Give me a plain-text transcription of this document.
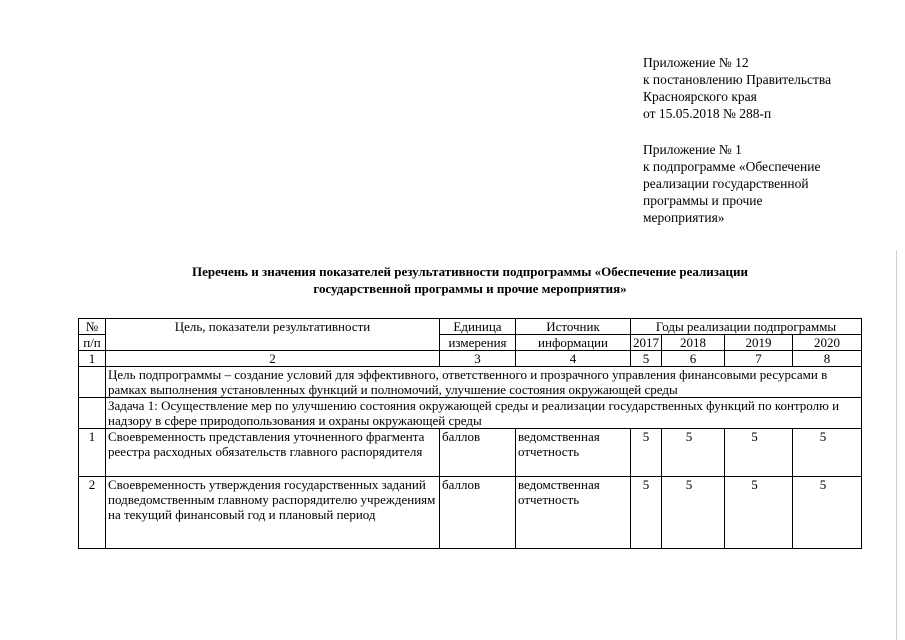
Приложение № 12
к постановлению Правительства
Красноярского края
от 15.05.2018 № 288-п
Приложение № 1
к подпрограмме «Обеспечение
реализации государственной
программы и прочие
мероприятия»
Перечень и значения показателей результативности подпрограммы «Обеспечение реализации
государственной программы и прочие мероприятия»
№	Цель, показатели результативности	Единица	Источник	Годы реализации подпрограммы			
п/п		измерения	информации	2017	2018	2019	2020
1	2	3	4	5	6	7	8
	Цель подпрограммы – создание условий для эффективного, ответственного и прозрачного управления финансовыми ресурсами в рамках выполнения установленных функций и полномочий, улучшение состояния окружающей среды						
	Задача 1: Осуществление мер по улучшению состояния окружающей среды и реализации государственных функций по контролю и надзору в сфере природопользования и охраны окружающей среды						
1	Своевременность представления уточненного фрагмента реестра расходных обязательств главного распорядителя	баллов	ведомственная отчетность	5	5	5	5
2	Своевременность утверждения государственных заданий подведомственным главному распорядителю учреждениям на текущий финансовый год и плановый период	баллов	ведомственная отчетность	5	5	5	5
